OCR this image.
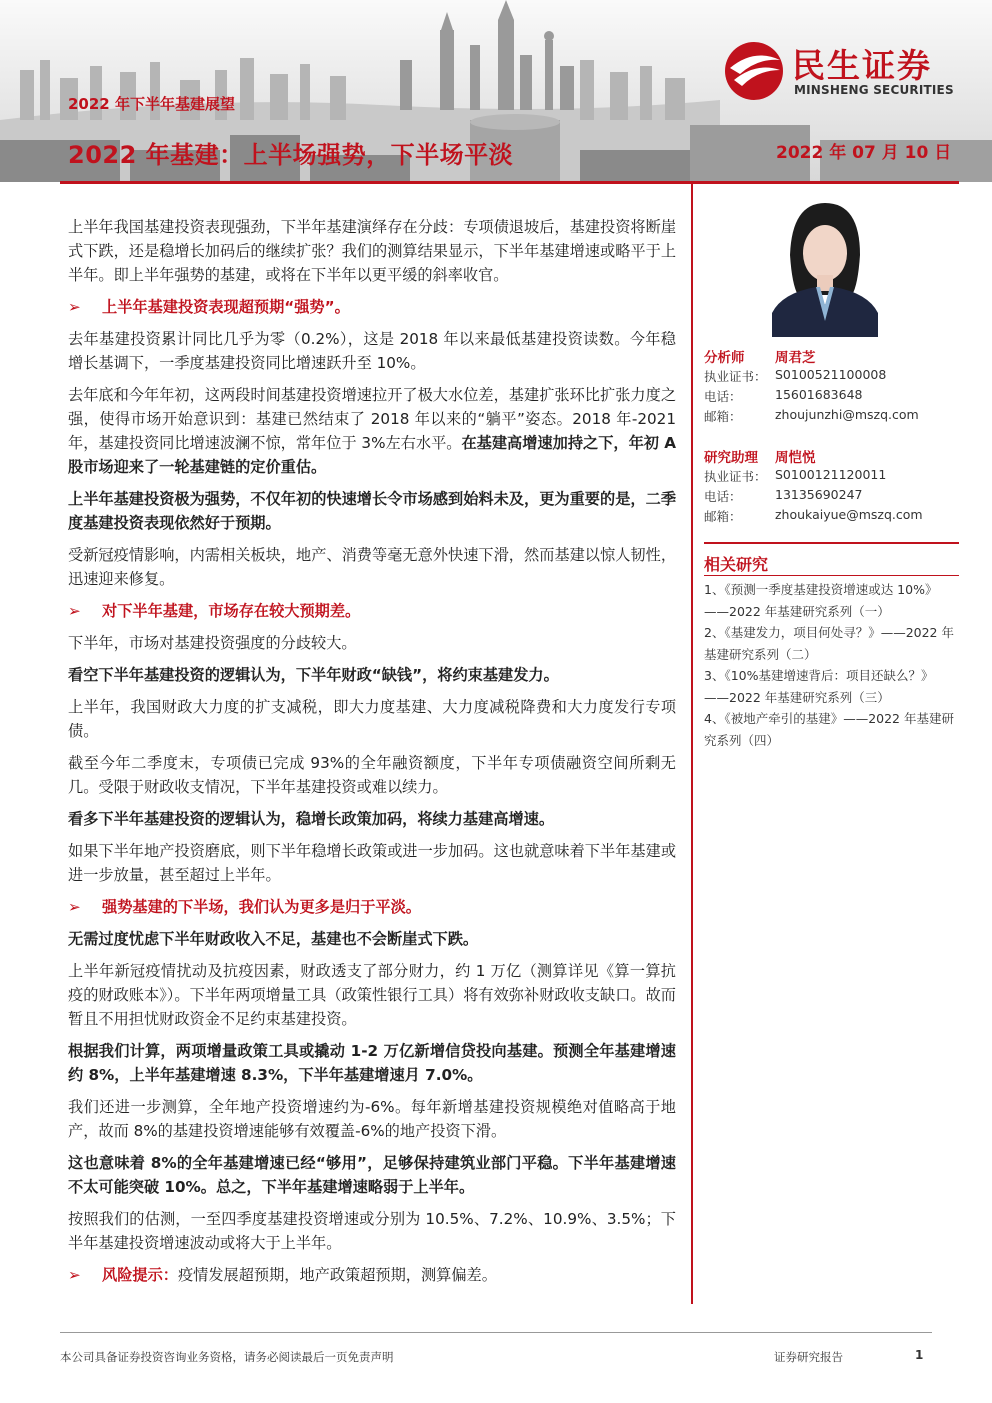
2022 年下半年基建展望
2022 年基建：上半场强势，下半场平淡	2022 年 07 月 10 日
民生证券
MINSHENG SECURITIES

上半年我国基建投资表现强劲，下半年基建演绎存在分歧：专项债退坡后，基建投资将断崖式下跌，还是稳增长加码后的继续扩张？我们的测算结果显示，下半年基建增速或略平于上半年。即上半年强势的基建，或将在下半年以更平缓的斜率收官。

➢ 上半年基建投资表现超预期“强势”。

去年基建投资累计同比几乎为零（0.2%），这是 2018 年以来最低基建投资读数。今年稳增长基调下，一季度基建投资同比增速跃升至 10%。

去年底和今年年初，这两段时间基建投资增速拉开了极大水位差，基建扩张环比扩张力度之强，使得市场开始意识到：基建已然结束了 2018 年以来的“躺平”姿态。2018 年-2021 年，基建投资同比增速波澜不惊，常年位于 3%左右水平。在基建高增速加持之下，年初 A 股市场迎来了一轮基建链的定价重估。

上半年基建投资极为强势，不仅年初的快速增长令市场感到始料未及，更为重要的是，二季度基建投资表现依然好于预期。

受新冠疫情影响，内需相关板块，地产、消费等毫无意外快速下滑，然而基建以惊人韧性，迅速迎来修复。

➢ 对下半年基建，市场存在较大预期差。

下半年，市场对基建投资强度的分歧较大。

看空下半年基建投资的逻辑认为，下半年财政“缺钱”，将约束基建发力。

上半年，我国财政大力度的扩支减税，即大力度基建、大力度减税降费和大力度发行专项债。

截至今年二季度末，专项债已完成 93%的全年融资额度，下半年专项债融资空间所剩无几。受限于财政收支情况，下半年基建投资或难以续力。

看多下半年基建投资的逻辑认为，稳增长政策加码，将续力基建高增速。

如果下半年地产投资磨底，则下半年稳增长政策或进一步加码。这也就意味着下半年基建或进一步放量，甚至超过上半年。

➢ 强势基建的下半场，我们认为更多是归于平淡。

无需过度忧虑下半年财政收入不足，基建也不会断崖式下跌。

上半年新冠疫情扰动及抗疫因素，财政透支了部分财力，约 1 万亿（测算详见《算一算抗疫的财政账本》）。下半年两项增量工具（政策性银行工具）将有效弥补财政收支缺口。故而暂且不用担忧财政资金不足约束基建投资。

根据我们计算，两项增量政策工具或撬动 1-2 万亿新增信贷投向基建。预测全年基建增速约 8%，上半年基建增速 8.3%，下半年基建增速月 7.0%。

我们还进一步测算，全年地产投资增速约为-6%。每年新增基建投资规模绝对值略高于地产，故而 8%的基建投资增速能够有效覆盖-6%的地产投资下滑。

这也意味着 8%的全年基建增速已经“够用”，足够保持建筑业部门平稳。下半年基建增速不太可能突破 10%。总之，下半年基建增速略弱于上半年。

按照我们的估测，一至四季度基建投资增速或分别为 10.5%、7.2%、10.9%、3.5%；下半年基建投资增速波动或将大于上半年。

➢ 风险提示：疫情发展超预期，地产政策超预期，测算偏差。

分析师 周君芝
执业证书： S0100521100008
电话：	15601683648
邮箱：	zhoujunzhi@mszq.com
研究助理 周恺悦
执业证书： S0100121120011
电话：	13135690247
邮箱：	zhoukaiyue@mszq.com
相关研究
1、《预测一季度基建投资增速或达 10%》——2022 年基建研究系列（一）
2、《基建发力，项目何处寻？》——2022 年基建研究系列（二）
3、《10%基建增速背后：项目还缺么？》——2022 年基建研究系列（三）
4、《被地产牵引的基建》——2022 年基建研究系列（四）
本公司具备证券投资咨询业务资格，请务必阅读最后一页免责声明	证券研究报告	1
